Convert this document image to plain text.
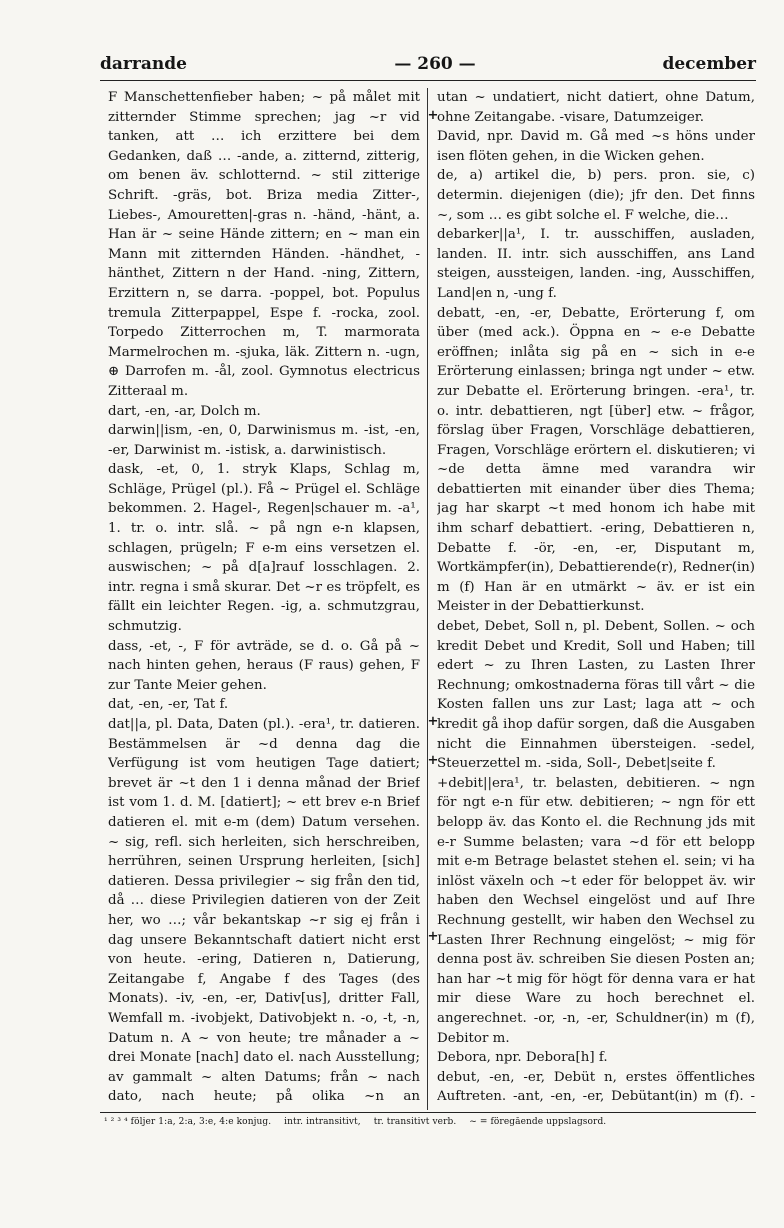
darrande	— 260 —	december

F Manschettenfieber haben; ~ på målet mit zitternder Stimme sprechen; jag ~r vid tanken, att … ich erzittere bei dem Gedanken, daß … -ande, a. zitternd, zitterig, om benen äv. schlotternd. ~ stil zitterige Schrift. -gräs, bot. Briza media Zitter-, Liebes-, Amouretten|-gras n. -händ, -hänt, a. Han är ~ seine Hände zittern; en ~ man ein Mann mit zitternden Händen. -händhet, -hänthet, Zittern n der Hand. -ning, Zittern, Erzittern n, se darra. -poppel, bot. Populus tremula Zitterpappel, Espe f. -rocka, zool. Torpedo Zitterrochen m, T. marmorata Marmelrochen m. -sjuka, läk. Zittern n. -ugn, ⊕ Darrofen m. -ål, zool. Gymnotus electricus Zitteraal m.

dart, -en, -ar, Dolch m.

darwin||ism, -en, 0, Darwinismus m. -ist, -en, -er, Darwinist m. -istisk, a. darwinistisch.

dask, -et, 0, 1. stryk Klaps, Schlag m, Schläge, Prügel (pl.). Få ~ Prügel el. Schläge bekommen. 2. Hagel-, Regen|schauer m. -a¹, 1. tr. o. intr. slå. ~ på ngn e-n klapsen, schlagen, prügeln; F e-m eins versetzen el. auswischen; ~ på d[a]rauf losschlagen. 2. intr. regna i små skurar. Det ~r es tröpfelt, es fällt ein leichter Regen. -ig, a. schmutzgrau, schmutzig.

dass, -et, -, F för avträde, se d. o. Gå på ~ nach hinten gehen, heraus (F raus) gehen, F zur Tante Meier gehen.

dat, -en, -er, Tat f.

dat||a, pl. Data, Daten (pl.). -era¹, tr. datieren. Bestämmelsen är ~d denna dag die Verfügung ist vom heutigen Tage datiert; brevet är ~t den 1 i denna månad der Brief ist vom 1. d. M. [datiert]; ~ ett brev e-n Brief datieren el. mit e-m (dem) Datum versehen. ~ sig, refl. sich herleiten, sich herschreiben, herrühren, seinen Ursprung herleiten, [sich] datieren. Dessa privilegier ~ sig från den tid, då … diese Privilegien datieren von der Zeit her, wo …; vår bekantskap ~r sig ej från i dag unsere Bekanntschaft datiert nicht erst von heute. -ering, Datieren n, Datierung, Zeitangabe f, Angabe f des Tages (des Monats). -iv, -en, -er, Dativ[us], dritter Fall, Wemfall m. -ivobjekt, Dativobjekt n. -o, -t, -n, Datum n. A ~ von heute; tre månader a ~ drei Monate [nach] dato el. nach Ausstellung; av gammalt ~ alten Datums; från ~ nach dato, nach heute; på olika ~n an

utan ~ undatiert, nicht datiert, ohne Datum, ohne Zeitangabe. -visare, Datumzeiger.

David, npr. David m. Gå med ~s höns under isen flöten gehen, in die Wicken gehen.

de, a) artikel die, b) pers. pron. sie, c) determin. diejenigen (die); jfr den. Det finns ~, som … es gibt solche el. F welche, die…

debarker||a¹, I. tr. ausschiffen, ausladen, landen. II. intr. sich ausschiffen, ans Land steigen, aussteigen, landen. -ing, Ausschiffen, Land|en n, -ung f.

debatt, -en, -er, Debatte, Erörterung f, om über (med ack.). Öppna en ~ e-e Debatte eröffnen; inlåta sig på en ~ sich in e-e Erörterung einlassen; bringa ngt under ~ etw. zur Debatte el. Erörterung bringen. -era¹, tr. o. intr. debattieren, ngt [über] etw. ~ frågor, förslag über Fragen, Vorschläge debattieren, Fragen, Vorschläge erörtern el. diskutieren; vi ~de detta ämne med varandra wir debattierten mit einander über dies Thema; jag har skarpt ~t med honom ich habe mit ihm scharf debattiert. -ering, Debattieren n, Debatte f. -ör, -en, -er, Disputant m, Wortkämpfer(in), Debattierende(r), Redner(in) m (f) Han är en utmärkt ~ äv. er ist ein Meister in der Debattierkunst.

debet, Debet, Soll n, pl. Debent, Sollen. ~ och kredit Debet und Kredit, Soll und Haben; till edert ~ zu Ihren Lasten, zu Lasten Ihrer Rechnung; omkostnaderna föras till vårt ~ die Kosten fallen uns zur Last; laga att ~ och kredit gå ihop dafür sorgen, daß die Ausgaben nicht die Einnahmen übersteigen. -sedel, Steuerzettel m. -sida, Soll-, Debet|seite f.

+debit||era¹, tr. belasten, debitieren. ~ ngn för ngt e-n für etw. debitieren; ~ ngn för ett belopp äv. das Konto el. die Rechnung jds mit e-r Summe belasten; vara ~d för ett belopp mit e-m Betrage belastet stehen el. sein; vi ha inlöst växeln och ~t eder för beloppet äv. wir haben den Wechsel eingelöst und auf Ihre Rechnung gestellt, wir haben den Wechsel zu Lasten Ihrer Rechnung eingelöst; ~ mig för denna post äv. schreiben Sie diesen Posten an; han har ~t mig för högt för denna vara er hat mir diese Ware zu hoch berechnet el. angerechnet. -or, -n, -er, Schuldner(in) m (f), Debitor m.

Debora, npr. Debora[h] f.

debut, -en, -er, Debüt n, erstes öffentliches Auftreten. -ant, -en, -er, Debütant(in) m (f). -

+
+
+
+
¹ ² ³ ⁴ följer 1:a, 2:a, 3:e, 4:e konjug. intr. intransitivt, tr. transitivt verb. ~ = föregående uppslagsord.
